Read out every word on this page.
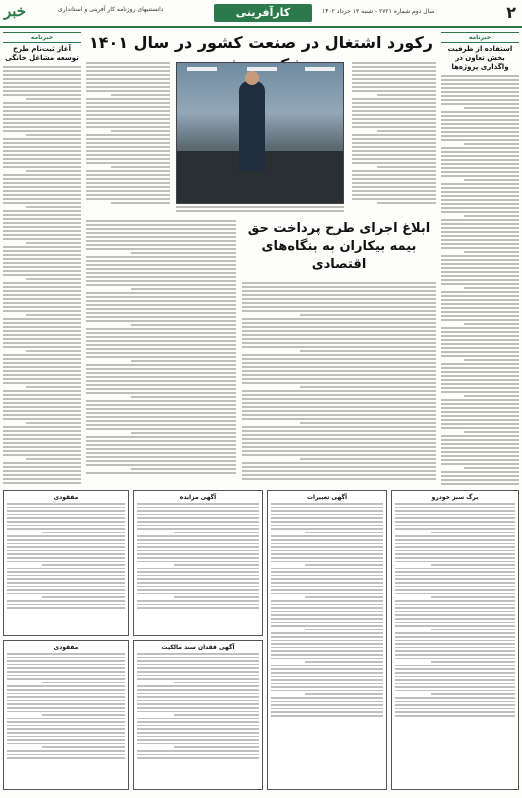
۲
سال دوم شماره ۲۷۲۱ - شنبه ۱۳ خرداد ۱۴۰۲
کارآفرینی
دانستنیهای روزنامه کار آفرینی و استانداری
خبر
خبرنامه
استفاده از ظرفیت بخش تعاون در واگذاری پروژه‌ها
خبرنامه
آغاز ثبت‌نام طرح توسعه مشاغل خانگی
رکورد اشتغال در صنعت کشور در سال ۱۴۰۱
ابلاغ اجرای طرح پرداخت حق بیمه بیکاران به بنگاه‌های اقتصادی
برگ سبز خودرو
آگهی تغییرات
آگهی مزایده
آگهی فقدان سند مالکیت
مفقودی
مفقودی
